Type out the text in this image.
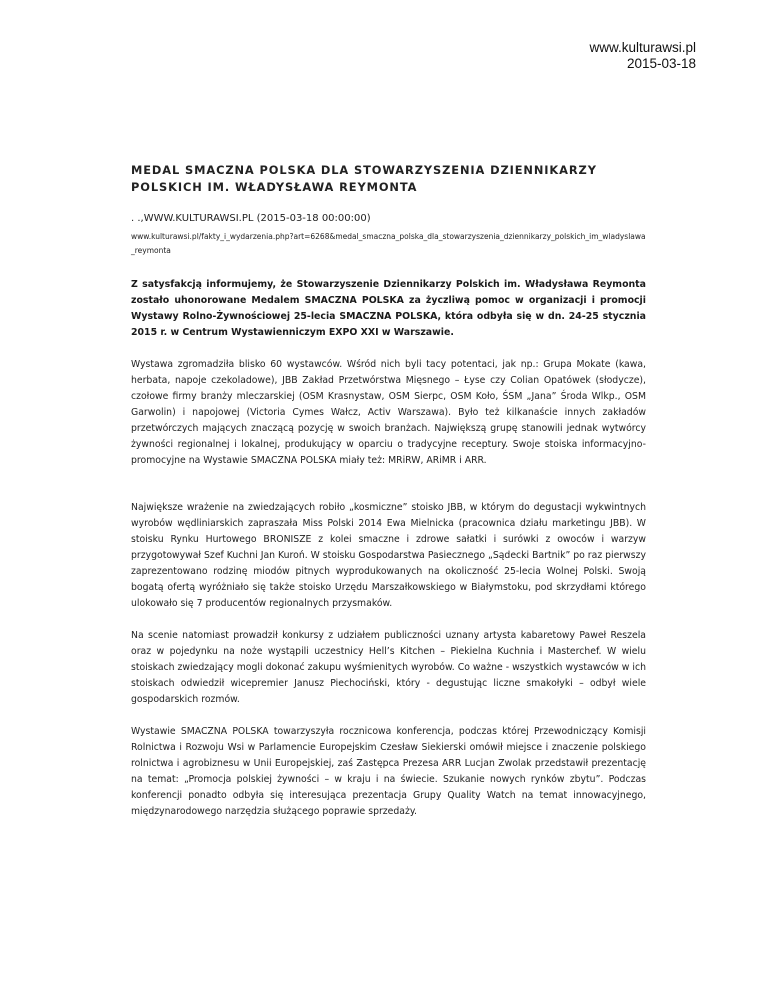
www.kulturawsi.pl
2015-03-18
MEDAL SMACZNA POLSKA DLA STOWARZYSZENIA DZIENNIKARZY POLSKICH IM. WŁADYSŁAWA REYMONTA
. .,WWW.KULTURAWSI.PL (2015-03-18 00:00:00)
www.kulturawsi.pl/fakty_i_wydarzenia.php?art=6268&medal_smaczna_polska_dla_stowarzyszenia_dziennikarzy_polskich_im_wladyslawa_reymonta
Z satysfakcją informujemy, że Stowarzyszenie Dziennikarzy Polskich im. Władysława Reymonta zostało uhonorowane Medalem SMACZNA POLSKA za życzliwą pomoc w organizacji i promocji Wystawy Rolno-Żywnościowej 25-lecia SMACZNA POLSKA, która odbyła się w dn. 24-25 stycznia 2015 r. w Centrum Wystawienniczym EXPO XXI w Warszawie.
Wystawa zgromadziła blisko 60 wystawców. Wśród nich byli tacy potentaci, jak np.: Grupa Mokate (kawa, herbata, napoje czekoladowe), JBB Zakład Przetwórstwa Mięsnego – Łyse czy Colian Opatówek (słodycze), czołowe firmy branży mleczarskiej (OSM Krasnystaw, OSM Sierpc, OSM Koło, ŚSM „Jana” Środa Wlkp., OSM Garwolin) i napojowej (Victoria Cymes Wałcz, Activ Warszawa). Było też kilkanaście innych zakładów przetwórczych mających znaczącą pozycję w swoich branżach. Największą grupę stanowili jednak wytwórcy żywności regionalnej i lokalnej, produkujący w oparciu o tradycyjne receptury. Swoje stoiska informacyjno-promocyjne na Wystawie SMACZNA POLSKA miały też: MRiRW, ARiMR i ARR.
Największe wrażenie na zwiedzających robiło „kosmiczne” stoisko JBB, w którym do degustacji wykwintnych wyrobów wędliniarskich zapraszała Miss Polski 2014 Ewa Mielnicka (pracownica działu marketingu JBB). W stoisku Rynku Hurtowego BRONISZE z kolei smaczne i zdrowe sałatki i surówki z owoców i warzyw przygotowywał Szef Kuchni Jan Kuroń. W stoisku Gospodarstwa Pasiecznego „Sądecki Bartnik” po raz pierwszy zaprezentowano rodzinę miodów pitnych wyprodukowanych na okoliczność 25-lecia Wolnej Polski. Swoją bogatą ofertą wyróżniało się także stoisko Urzędu Marszałkowskiego w Białymstoku, pod skrzydłami którego ulokowało się 7 producentów regionalnych przysmaków.
Na scenie natomiast prowadził konkursy z udziałem publiczności uznany artysta kabaretowy Paweł Reszela oraz w pojedynku na noże wystąpili uczestnicy Hell’s Kitchen – Piekielna Kuchnia i Masterchef. W wielu stoiskach zwiedzający mogli dokonać zakupu wyśmienitych wyrobów. Co ważne - wszystkich wystawców w ich stoiskach odwiedził wicepremier Janusz Piechociński, który - degustując liczne smakołyki – odbył wiele gospodarskich rozmów.
Wystawie SMACZNA POLSKA towarzyszyła rocznicowa konferencja, podczas której Przewodniczący Komisji Rolnictwa i Rozwoju Wsi w Parlamencie Europejskim Czesław Siekierski omówił miejsce i znaczenie polskiego rolnictwa i agrobiznesu w Unii Europejskiej, zaś Zastępca Prezesa ARR Lucjan Zwolak przedstawił prezentację na temat: „Promocja polskiej żywności – w kraju i na świecie. Szukanie nowych rynków zbytu”. Podczas konferencji ponadto odbyła się interesująca prezentacja Grupy Quality Watch na temat innowacyjnego, międzynarodowego narzędzia służącego poprawie sprzedaży.
